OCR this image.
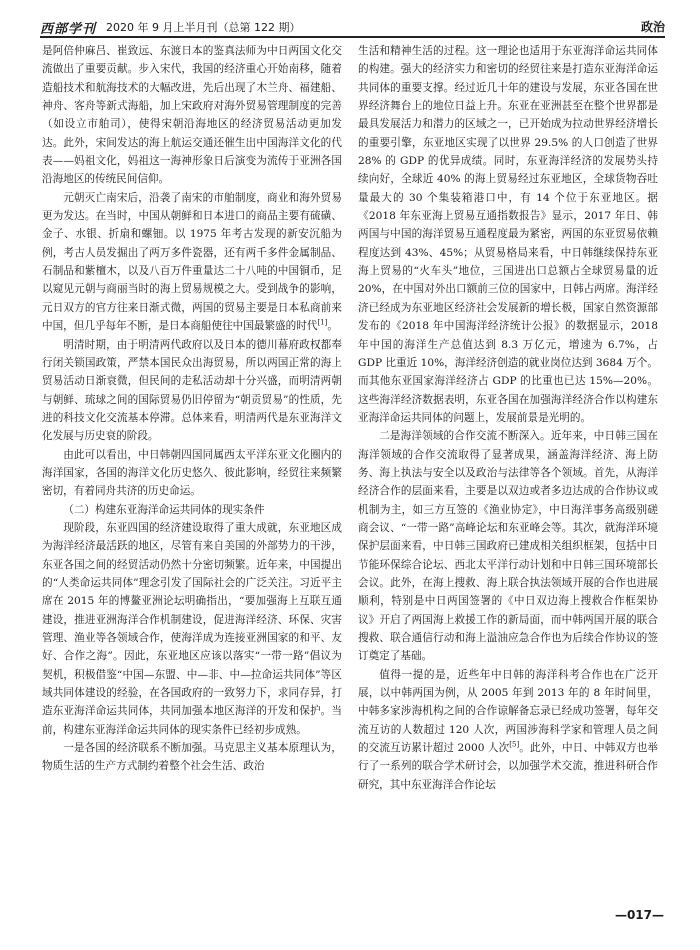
西部学刊 2020 年 9 月上半月刊（总第 122 期）	政治

是阿倍仲麻吕、崔致远、东渡日本的鉴真法师为中日两国文化交流做出了重要贡献。步入宋代，我国的经济重心开始南移，随着造船技术和航海技术的大幅改进，先后出现了木兰舟、福建船、神舟、客舟等新式海船，加上宋政府对海外贸易管理制度的完善（如设立市舶司），使得宋朝沿海地区的经济贸易活动更加发达。此外，宋间发达的海上航运交通还催生出中国海洋文化的代表——妈祖文化，妈祖这一海神形象日后演变为流传于亚洲各国沿海地区的传统民间信仰。

元朝灭亡南宋后，沿袭了南宋的市舶制度，商业和海外贸易更为发达。在当时，中国从朝鲜和日本进口的商品主要有硫磺、金子、水银、折扇和螺钿。以 1975 年考古发现的新安沉船为例，考古人员发掘出了两万多件瓷器，还有两千多件金属制品、石制品和紫檀木，以及八百万件重量达二十八吨的中国铜币，足以窥见元朝与商丽当时的海上贸易规模之大。受到战争的影响，元日双方的官方往来日渐式微，两国的贸易主要是日本私商前来中国，但几乎每年不断，是日本商船使往中国最繁盛的时代[1]。

明清时期，由于明清两代政府以及日本的德川幕府政权都奉行闭关锁国政策，严禁本国民众出海贸易，所以两国正常的海上贸易活动日渐衰微，但民间的走私活动却十分兴盛，而明清两朝与朝鲜、琉球之间的国际贸易仍旧停留为“朝贡贸易”的性质，先进的科技文化交流基本停滞。总体来看，明清两代是东亚海洋文化发展与历史衰的阶段。

由此可以看出，中日韩朝四国同属西太平洋东亚文化圈内的海洋国家，各国的海洋文化历史悠久、彼此影响，经贸往来频繁密切，有着同舟共济的历史命运。

（二）构建东亚海洋命运共同体的现实条件

现阶段，东亚四国的经济建设取得了重大成就，东亚地区成为海洋经济最活跃的地区，尽管有来自美国的外部势力的干涉，东亚各国之间的经贸活动仍然十分密切频繁。近年来，中国提出的“人类命运共同体”理念引发了国际社会的广泛关注。习近平主席在 2015 年的博鳌亚洲论坛明确指出，“要加强海上互联互通建设，推进亚洲海洋合作机制建设，促进海洋经济、环保、灾害管理、渔业等各领域合作，使海洋成为连接亚洲国家的和平、友好、合作之海”。因此，东亚地区应该以落实“一带一路”倡议为契机，积极借鉴“中国—东盟、中—非、中—拉命运共同体”等区域共同体建设的经验，在各国政府的一致努力下，求同存异，打造东亚海洋命运共同体，共同加强本地区海洋的开发和保护。当前，构建东亚海洋命运共同体的现实条件已经初步成熟。

一是各国的经济联系不断加强。马克思主义基本原理认为，物质生活的生产方式制约着整个社会生活、政治

生活和精神生活的过程。这一理论也适用于东亚海洋命运共同体的构建。强大的经济实力和密切的经贸往来是打造东亚海洋命运共同体的重要支撑。经过近几十年的建设与发展，东亚各国在世界经济舞台上的地位日益上升。东亚在亚洲甚至在整个世界都是最具发展活力和潜力的区域之一，已开始成为拉动世界经济增长的重要引擎，东亚地区实现了以世界 29.5% 的人口创造了世界 28% 的 GDP 的优异成绩。同时，东亚海洋经济的发展势头持续向好，全球近 40% 的海上贸易经过东亚地区，全球货物吞吐量最大的 30 个集装箱港口中，有 14 个位于东亚地区。据《2018 年东亚海上贸易互通指数报告》显示，2017 年日、韩两国与中国的海洋贸易互通程度最为紧密，两国的东亚贸易依赖程度达到 43%、45%；从贸易格局来看，中日韩继续保持东亚海上贸易的“火车头”地位，三国进出口总额占全球贸易量的近 20%，在中国对外出口额前三位的国家中，日韩占两席。海洋经济已经成为东亚地区经济社会发展新的增长极，国家自然资源部发布的《2018 年中国海洋经济统计公报》的数据显示，2018 年中国的海洋生产总值达到 8.3 万亿元，增速为 6.7%，占 GDP 比重近 10%，海洋经济创造的就业岗位达到 3684 万个。而其他东亚国家海洋经济占 GDP 的比重也已达 15%—20%。这些海洋经济数据表明，东亚各国在加强海洋经济合作以构建东亚海洋命运共同体的问题上，发展前景是光明的。

二是海洋领域的合作交流不断深入。近年来，中日韩三国在海洋领域的合作交流取得了显著成果，涵盖海洋经济、海上防务、海上执法与安全以及政治与法律等各个领域。首先，从海洋经济合作的层面来看，主要是以双边或者多边达成的合作协议或机制为主，如三方互签的《渔业协定》，中日海洋事务高级别磋商会议、“一带一路”高峰论坛和东亚峰会等。其次，就海洋环境保护层面来看，中日韩三国政府已建成相关组织框架，包括中日节能环保综合论坛、西北太平洋行动计划和中日韩三国环境部长会议。此外，在海上搜救、海上联合执法领域开展的合作也进展顺利，特别是中日两国签署的《中日双边海上搜救合作框架协议》开启了两国海上救援工作的新局面，而中韩两国开展的联合搜救、联合通信行动和海上溢油应急合作也为后续合作协议的签订奠定了基础。

值得一提的是，近些年中日韩的海洋科考合作也在广泛开展，以中韩两国为例，从 2005 年到 2013 年的 8 年时间里，中韩多家涉海机构之间的合作谅解备忘录已经成功签署，每年交流互访的人数超过 120 人次，两国涉海科学家和管理人员之间的交流互访累计超过 2000 人次[5]。此外，中日、中韩双方也举行了一系列的联合学术研讨会，以加强学术交流，推进科研合作研究，其中东亚海洋合作论坛

—017—
